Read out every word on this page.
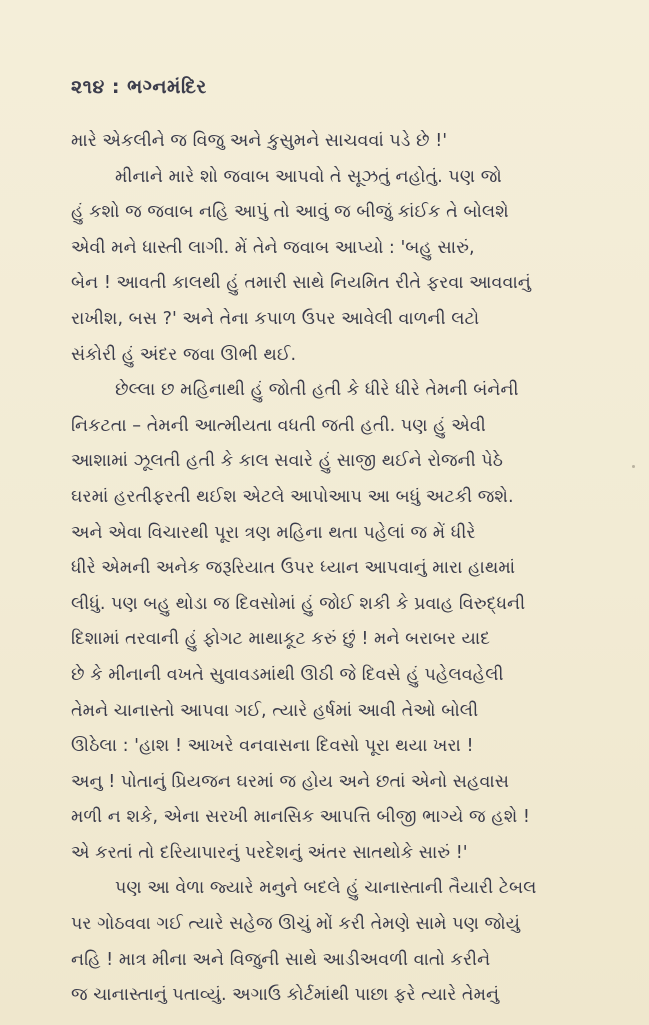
૨૧૪ : ભગ્નમંદિર
મારે એકલીને જ વિજુ અને કુસુમને સાચવવાં પડે છે !'
મીનાને મારે શો જવાબ આપવો તે સૂઝતું નહોતું. પણ જો
હું કશો જ જવાબ નહિ આપું તો આવું જ બીજું કાંઈક તે બોલશે
એવી મને ધાસ્તી લાગી. મેં તેને જવાબ આપ્યો : 'બહુ સારું,
બેન ! આવતી કાલથી હું તમારી સાથે નિયમિત રીતે ફરવા આવવાનું
રાખીશ, બસ ?' અને તેના કપાળ ઉપર આવેલી વાળની લટો
સંકોરી હું અંદર જવા ઊભી થઈ.
છેલ્લા છ મહિનાથી હું જોતી હતી કે ધીરે ધીરે તેમની બંનેની
નિકટતા – તેમની આત્મીયતા વધતી જતી હતી. પણ હું એવી
આશામાં ઝૂલતી હતી કે કાલ સવારે હું સાજી થઈને રોજની પેઠે
ઘરમાં હરતીફરતી થઈશ એટલે આપોઆપ આ બધું અટકી જશે.
અને એવા વિચારથી પૂરા ત્રણ મહિના થતા પહેલાં જ મેં ધીરે
ધીરે એમની અનેક જરૂરિયાત ઉપર ધ્યાન આપવાનું મારા હાથમાં
લીધું. પણ બહુ થોડા જ દિવસોમાં હું જોઈ શકી કે પ્રવાહ વિરુદ્ધની
દિશામાં તરવાની હું ફોગટ માથાકૂટ કરું છું ! મને બરાબર યાદ
છે કે મીનાની વખતે સુવાવડમાંથી ઊઠી જે દિવસે હું પહેલવહેલી
તેમને ચાનાસ્તો આપવા ગઈ, ત્યારે હર્ષમાં આવી તેઓ બોલી
ઊઠેલા : 'હાશ ! આખરે વનવાસના દિવસો પૂરા થયા ખરા !
અનુ ! પોતાનું પ્રિયજન ઘરમાં જ હોય અને છતાં એનો સહવાસ
મળી ન શકે, એના સરખી માનસિક આપત્તિ બીજી ભાગ્યે જ હશે !
એ કરતાં તો દરિયાપારનું પરદેશનું અંતર સાતથોકે સારું !'
પણ આ વેળા જ્યારે મનુને બદલે હું ચાનાસ્તાની તૈયારી ટેબલ
પર ગોઠવવા ગઈ ત્યારે સહેજ ઊચું મોં કરી તેમણે સામે પણ જોયું
નહિ ! માત્ર મીના અને વિજુની સાથે આડીઅવળી વાતો કરીને
જ ચાનાસ્તાનું પતાવ્યું. અગાઉ કોર્ટમાંથી પાછા ફરે ત્યારે તેમનું
